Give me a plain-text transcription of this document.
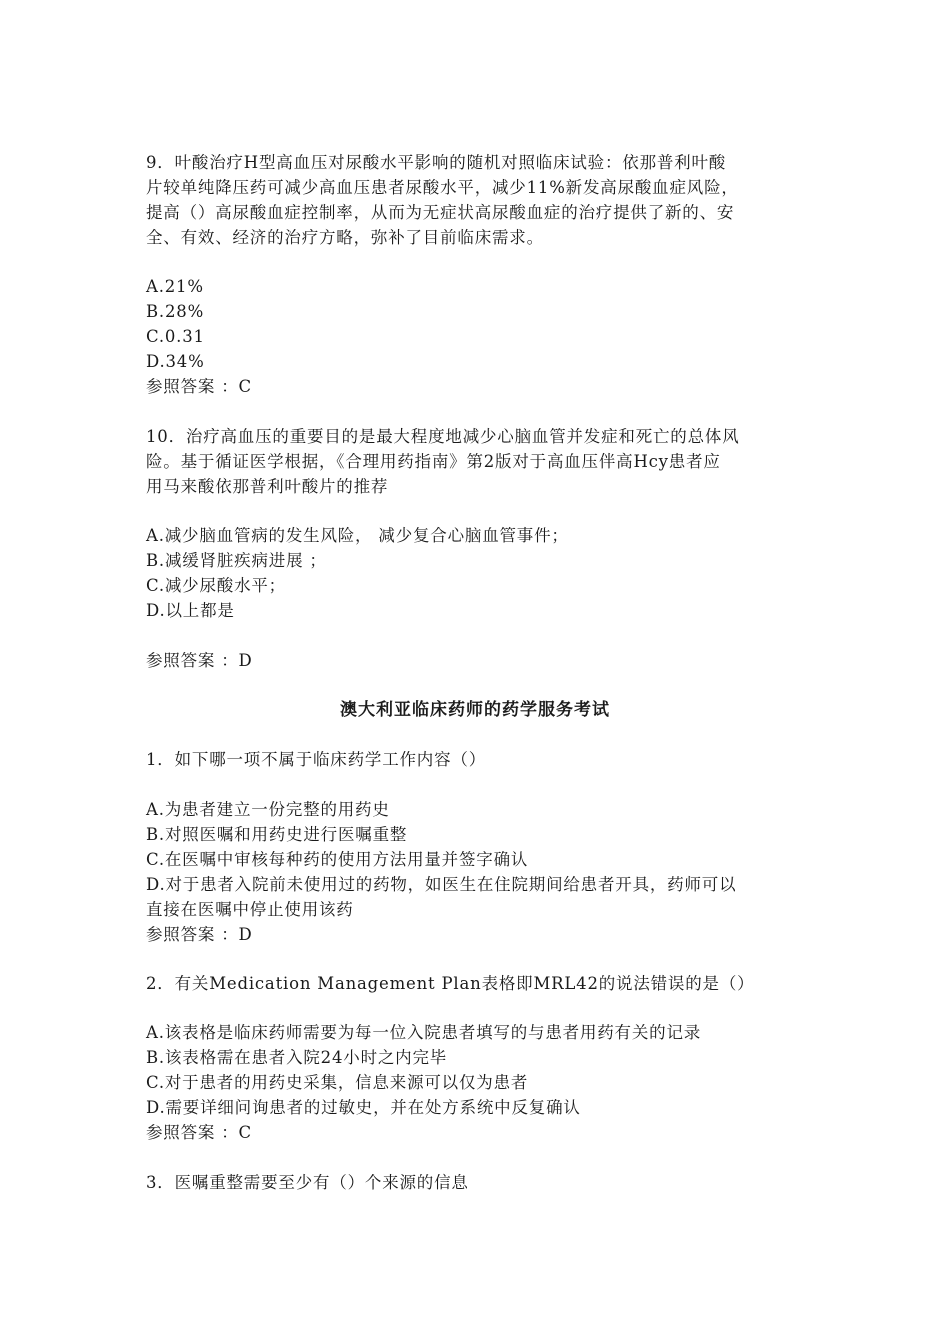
9．叶酸治疗H型高血压对尿酸水平影响的随机对照临床试验：依那普利叶酸
片较单纯降压药可减少高血压患者尿酸水平，减少11%新发高尿酸血症风险，
提高（）高尿酸血症控制率，从而为无症状高尿酸血症的治疗提供了新的、安
全、有效、经济的治疗方略，弥补了目前临床需求。
A.21%
B.28%
C.0.31
D.34%
参照答案 ：C
10．治疗高血压的重要目的是最大程度地减少心脑血管并发症和死亡的总体风
险。基于循证医学根据，《合理用药指南》第2版对于高血压伴高Hcy患者应
用马来酸依那普利叶酸片的推荐
A.减少脑血管病的发生风险， 减少复合心脑血管事件；
B.减缓肾脏疾病进展 ；
C.减少尿酸水平；
D.以上都是
参照答案 ：D
澳大利亚临床药师的药学服务考试
1．如下哪一项不属于临床药学工作内容（）
A.为患者建立一份完整的用药史
B.对照医嘱和用药史进行医嘱重整
C.在医嘱中审核每种药的使用方法用量并签字确认
D.对于患者入院前未使用过的药物，如医生在住院期间给患者开具，药师可以
直接在医嘱中停止使用该药
参照答案 ：D
2．有关Medication Management Plan表格即MRL42的说法错误的是（）
A.该表格是临床药师需要为每一位入院患者填写的与患者用药有关的记录
B.该表格需在患者入院24小时之内完毕
C.对于患者的用药史采集，信息来源可以仅为患者
D.需要详细问询患者的过敏史，并在处方系统中反复确认
参照答案 ：C
3．医嘱重整需要至少有（）个来源的信息
